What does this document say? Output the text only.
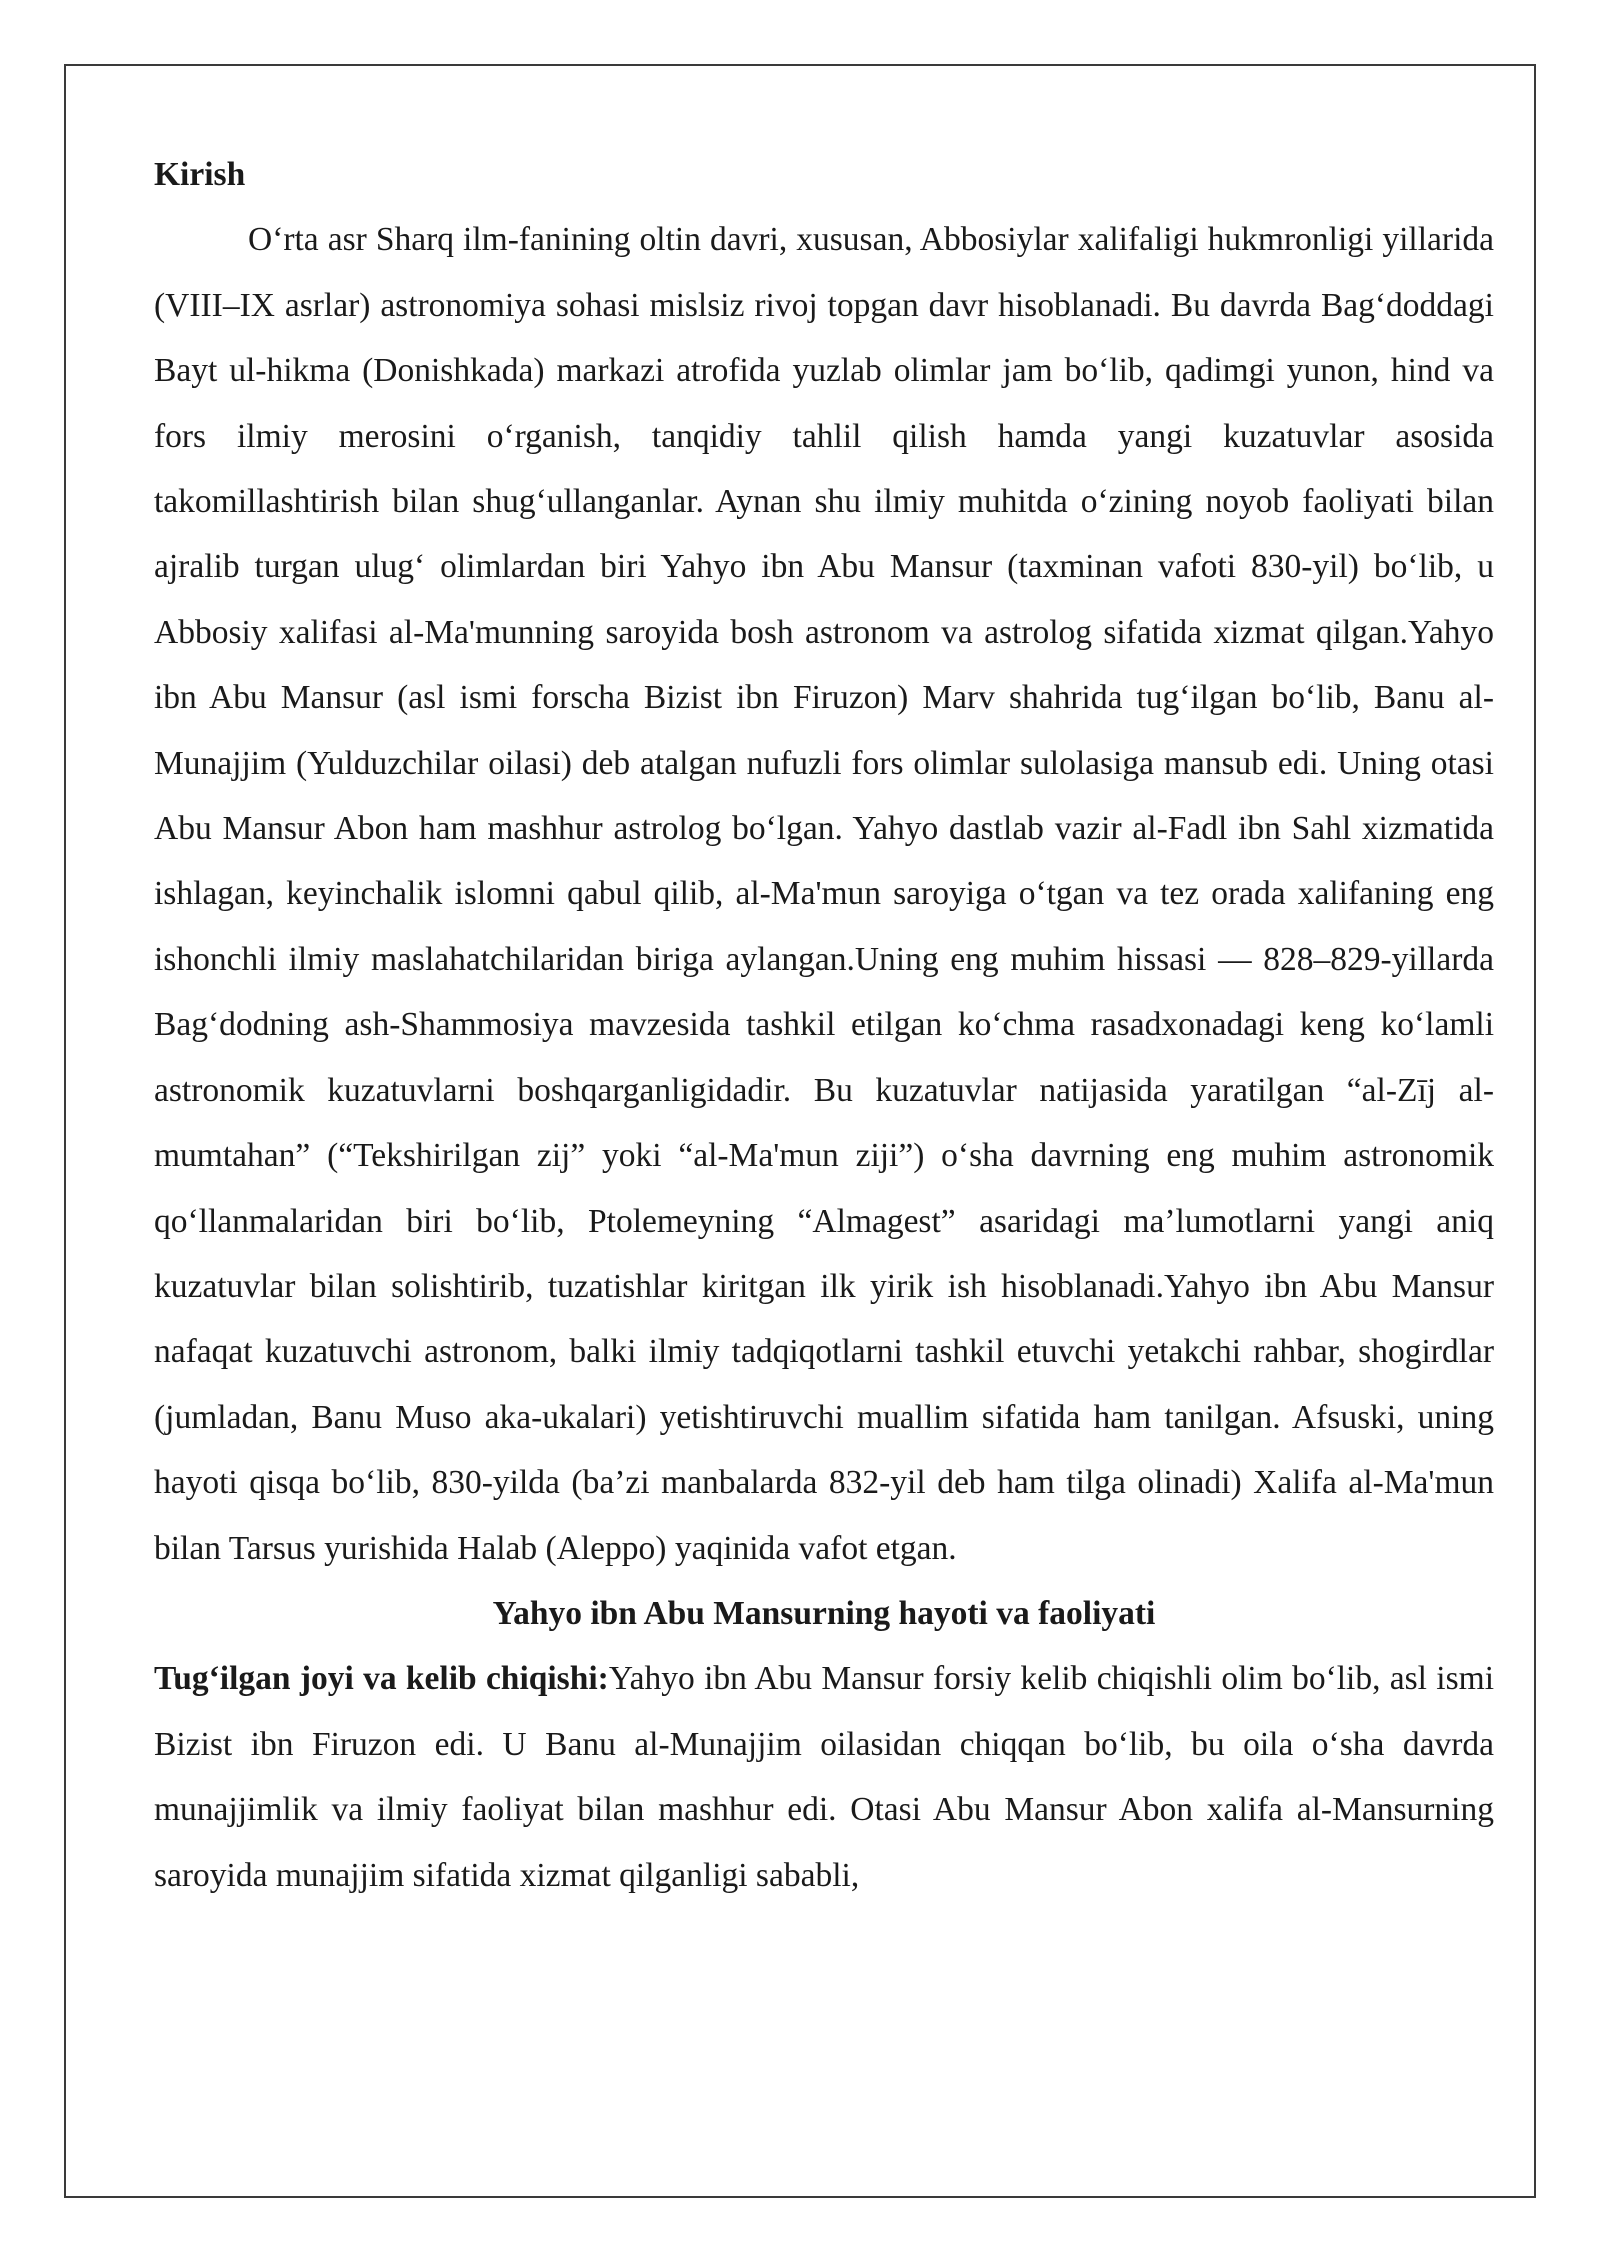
Kirish

O‘rta asr Sharq ilm-fanining oltin davri, xususan, Abbosiylar xalifaligi hukmronligi yillarida (VIII–IX asrlar) astronomiya sohasi mislsiz rivoj topgan davr hisoblanadi. Bu davrda Bag‘doddagi Bayt ul-hikma (Donishkada) markazi atrofida yuzlab olimlar jam bo‘lib, qadimgi yunon, hind va fors ilmiy merosini o‘rganish, tanqidiy tahlil qilish hamda yangi kuzatuvlar asosida takomillashtirish bilan shug‘ullanganlar. Aynan shu ilmiy muhitda o‘zining noyob faoliyati bilan ajralib turgan ulug‘ olimlardan biri Yahyo ibn Abu Mansur (taxminan vafoti 830-yil) bo‘lib, u Abbosiy xalifasi al-Ma'munning saroyida bosh astronom va astrolog sifatida xizmat qilgan.Yahyo ibn Abu Mansur (asl ismi forscha Bizist ibn Firuzon) Marv shahrida tug‘ilgan bo‘lib, Banu al-Munajjim (Yulduzchilar oilasi) deb atalgan nufuzli fors olimlar sulolasiga mansub edi. Uning otasi Abu Mansur Abon ham mashhur astrolog bo‘lgan. Yahyo dastlab vazir al-Fadl ibn Sahl xizmatida ishlagan, keyinchalik islomni qabul qilib, al-Ma'mun saroyiga o‘tgan va tez orada xalifaning eng ishonchli ilmiy maslahatchilaridan biriga aylangan.Uning eng muhim hissasi — 828–829-yillarda Bag‘dodning ash-Shammosiya mavzesida tashkil etilgan ko‘chma rasadxonadagi keng ko‘lamli astronomik kuzatuvlarni boshqarganligidadir. Bu kuzatuvlar natijasida yaratilgan “al-Zīj al-mumtahan” (“Tekshirilgan zij” yoki “al-Ma'mun ziji”) o‘sha davrning eng muhim astronomik qo‘llanmalaridan biri bo‘lib, Ptolemeyning “Almagest” asaridagi ma’lumotlarni yangi aniq kuzatuvlar bilan solishtirib, tuzatishlar kiritgan ilk yirik ish hisoblanadi.Yahyo ibn Abu Mansur nafaqat kuzatuvchi astronom, balki ilmiy tadqiqotlarni tashkil etuvchi yetakchi rahbar, shogirdlar (jumladan, Banu Muso aka-ukalari) yetishtiruvchi muallim sifatida ham tanilgan. Afsuski, uning hayoti qisqa bo‘lib, 830-yilda (ba’zi manbalarda 832-yil deb ham tilga olinadi) Xalifa al-Ma'mun bilan Tarsus yurishida Halab (Aleppo) yaqinida vafot etgan.

Yahyo ibn Abu Mansurning hayoti va faoliyati

Tug‘ilgan joyi va kelib chiqishi:Yahyo ibn Abu Mansur forsiy kelib chiqishli olim bo‘lib, asl ismi Bizist ibn Firuzon edi. U Banu al-Munajjim oilasidan chiqqan bo‘lib, bu oila o‘sha davrda munajjimlik va ilmiy faoliyat bilan mashhur edi. Otasi Abu Mansur Abon xalifa al-Mansurning saroyida munajjim sifatida xizmat qilganligi sababli,
